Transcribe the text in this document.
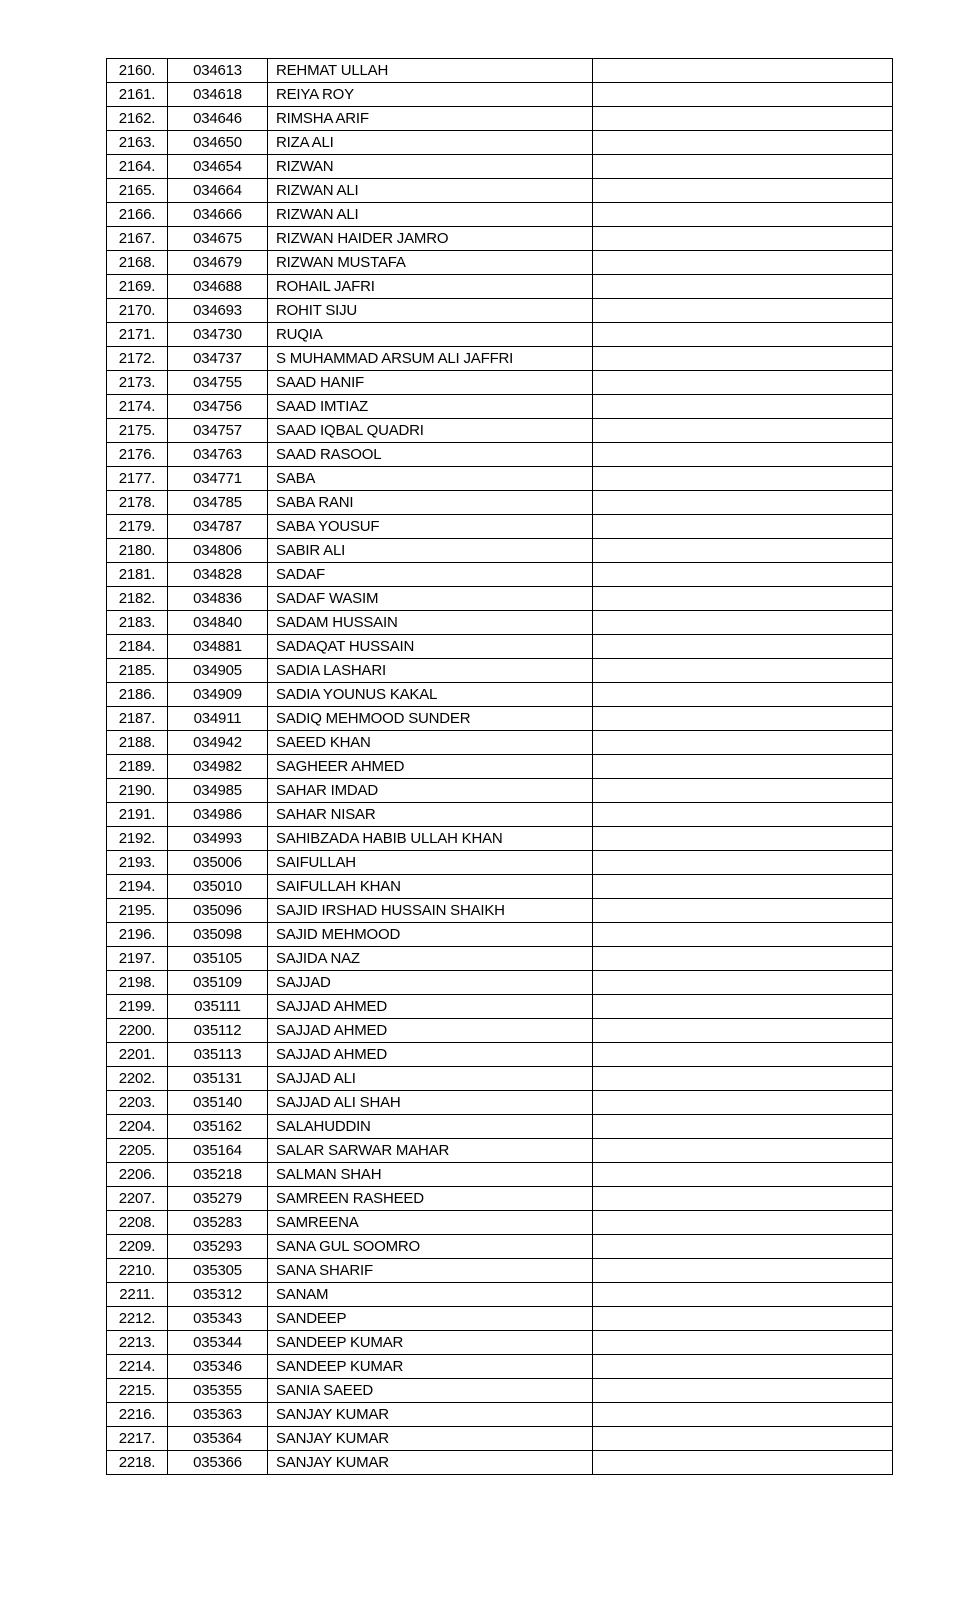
2160.	034613	REHMAT ULLAH	
2161.	034618	REIYA ROY	
2162.	034646	RIMSHA ARIF	
2163.	034650	RIZA ALI	
2164.	034654	RIZWAN	
2165.	034664	RIZWAN ALI	
2166.	034666	RIZWAN ALI	
2167.	034675	RIZWAN HAIDER JAMRO	
2168.	034679	RIZWAN MUSTAFA	
2169.	034688	ROHAIL JAFRI	
2170.	034693	ROHIT SIJU	
2171.	034730	RUQIA	
2172.	034737	S MUHAMMAD ARSUM ALI JAFFRI	
2173.	034755	SAAD HANIF	
2174.	034756	SAAD IMTIAZ	
2175.	034757	SAAD IQBAL QUADRI	
2176.	034763	SAAD RASOOL	
2177.	034771	SABA	
2178.	034785	SABA RANI	
2179.	034787	SABA YOUSUF	
2180.	034806	SABIR ALI	
2181.	034828	SADAF	
2182.	034836	SADAF WASIM	
2183.	034840	SADAM HUSSAIN	
2184.	034881	SADAQAT HUSSAIN	
2185.	034905	SADIA LASHARI	
2186.	034909	SADIA YOUNUS KAKAL	
2187.	034911	SADIQ MEHMOOD SUNDER	
2188.	034942	SAEED KHAN	
2189.	034982	SAGHEER AHMED	
2190.	034985	SAHAR IMDAD	
2191.	034986	SAHAR NISAR	
2192.	034993	SAHIBZADA HABIB ULLAH KHAN	
2193.	035006	SAIFULLAH	
2194.	035010	SAIFULLAH KHAN	
2195.	035096	SAJID IRSHAD HUSSAIN SHAIKH	
2196.	035098	SAJID MEHMOOD	
2197.	035105	SAJIDA NAZ	
2198.	035109	SAJJAD	
2199.	035111	SAJJAD AHMED	
2200.	035112	SAJJAD AHMED	
2201.	035113	SAJJAD AHMED	
2202.	035131	SAJJAD ALI	
2203.	035140	SAJJAD ALI SHAH	
2204.	035162	SALAHUDDIN	
2205.	035164	SALAR SARWAR MAHAR	
2206.	035218	SALMAN SHAH	
2207.	035279	SAMREEN RASHEED	
2208.	035283	SAMREENA	
2209.	035293	SANA GUL SOOMRO	
2210.	035305	SANA SHARIF	
2211.	035312	SANAM	
2212.	035343	SANDEEP	
2213.	035344	SANDEEP KUMAR	
2214.	035346	SANDEEP KUMAR	
2215.	035355	SANIA SAEED	
2216.	035363	SANJAY KUMAR	
2217.	035364	SANJAY KUMAR	
2218.	035366	SANJAY KUMAR	
